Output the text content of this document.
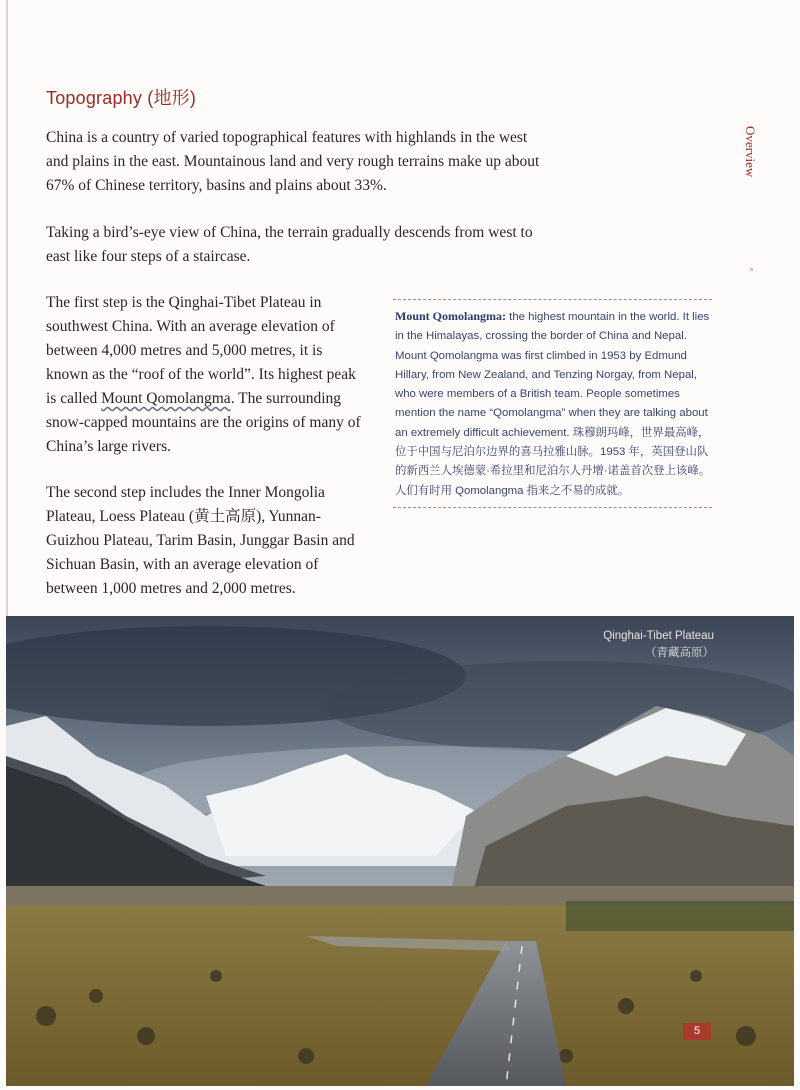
Topography (地形)
Overview

China is a country of varied topographical features with highlands in the west and plains in the east. Mountainous land and very rough terrains make up about 67% of Chinese territory, basins and plains about 33%.

Taking a bird’s-eye view of China, the terrain gradually descends from west to east like four steps of a staircase.

The first step is the Qinghai-Tibet Plateau in southwest China. With an average elevation of between 4,000 metres and 5,000 metres, it is known as the “roof of the world”. Its highest peak is called Mount Qomolangma. The surrounding snow-capped mountains are the origins of many of China’s large rivers.

The second step includes the Inner Mongolia Plateau, Loess Plateau (黄土高原), Yunnan-Guizhou Plateau, Tarim Basin, Junggar Basin and Sichuan Basin, with an average elevation of between 1,000 metres and 2,000 metres.

Mount Qomolangma: the highest mountain in the world. It lies in the Himalayas, crossing the border of China and Nepal. Mount Qomolangma was first climbed in 1953 by Edmund Hillary, from New Zealand, and Tenzing Norgay, from Nepal, who were members of a British team. People sometimes mention the name “Qomolangma” when they are talking about an extremely difficult achievement. 珠穆朗玛峰，世界最高峰，位于中国与尼泊尔边界的喜马拉雅山脉。1953 年，英国登山队的新西兰人埃德蒙·希拉里和尼泊尔人丹增·诺盖首次登上该峰。人们有时用 Qomolangma 指来之不易的成就。
Qinghai-Tibet Plateau
（青藏高原）
5
